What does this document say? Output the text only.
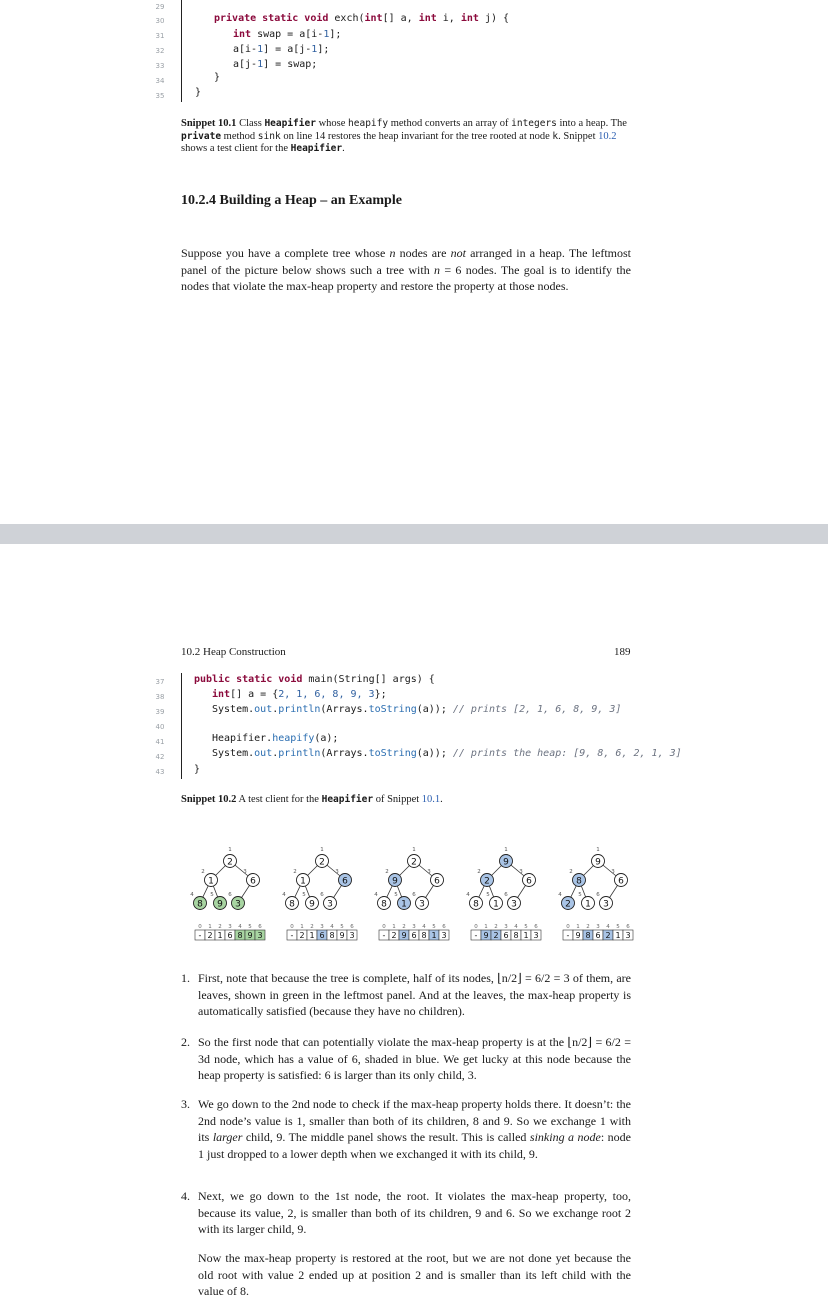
29
30
31
32
33
34
35
private static void exch(int[] a, int i, int j) {
int swap = a[i-1];
a[i-1] = a[j-1];
a[j-1] = swap;
}
}
Snippet 10.1 Class Heapifier whose heapify method converts an array of integers into a heap. The private method sink on line 14 restores the heap invariant for the tree rooted at node k. Snippet 10.2 shows a test client for the Heapifier.
10.2.4 Building a Heap – an Example
Suppose you have a complete tree whose n nodes are not arranged in a heap. The leftmost panel of the picture below shows such a tree with n = 6 nodes. The goal is to identify the nodes that violate the max-heap property and restore the property at those nodes.
10.2 Heap Construction	189
37
38
39
40
41
42
43
public static void main(String[] args) {
int[] a = {2, 1, 6, 8, 9, 3};
System.out.println(Arrays.toString(a)); // prints [2, 1, 6, 8, 9, 3]
Heapifier.heapify(a);
System.out.println(Arrays.toString(a)); // prints the heap: [9, 8, 6, 2, 1, 3]
}
Snippet 10.2 A test client for the Heapifier of Snippet 10.1.
2
1
1
2
6
3
8
4
9
5
3
6
0
-
1
2
2
1
3
6
4
8
5
9
6
3
2
1
1
2
6
3
8
4
9
5
3
6
0
-
1
2
2
1
3
6
4
8
5
9
6
3
2
1
9
2
6
3
8
4
1
5
3
6
0
-
1
2
2
9
3
6
4
8
5
1
6
3
9
1
2
2
6
3
8
4
1
5
3
6
0
-
1
9
2
2
3
6
4
8
5
1
6
3
9
1
8
2
6
3
2
4
1
5
3
6
0
-
1
9
2
8
3
6
4
2
5
1
6
3
1. First, note that because the tree is complete, half of its nodes, ⌊n/2⌋ = 6/2 = 3 of them, are leaves, shown in green in the leftmost panel. And at the leaves, the max-heap property is automatically satisfied (because they have no children).
2. So the first node that can potentially violate the max-heap property is at the ⌊n/2⌋ = 6/2 = 3d node, which has a value of 6, shaded in blue. We get lucky at this node because the heap property is satisfied: 6 is larger than its only child, 3.
3. We go down to the 2nd node to check if the max-heap property holds there. It doesn’t: the 2nd node’s value is 1, smaller than both of its children, 8 and 9. So we exchange 1 with its larger child, 9. The middle panel shows the result. This is called sinking a node: node 1 just dropped to a lower depth when we exchanged it with its child, 9.
4. Next, we go down to the 1st node, the root. It violates the max-heap property, too, because its value, 2, is smaller than both of its children, 9 and 6. So we exchange root 2 with its larger child, 9.
Now the max-heap property is restored at the root, but we are not done yet because the old root with value 2 ended up at position 2 and is smaller than its left child with the value of 8.
